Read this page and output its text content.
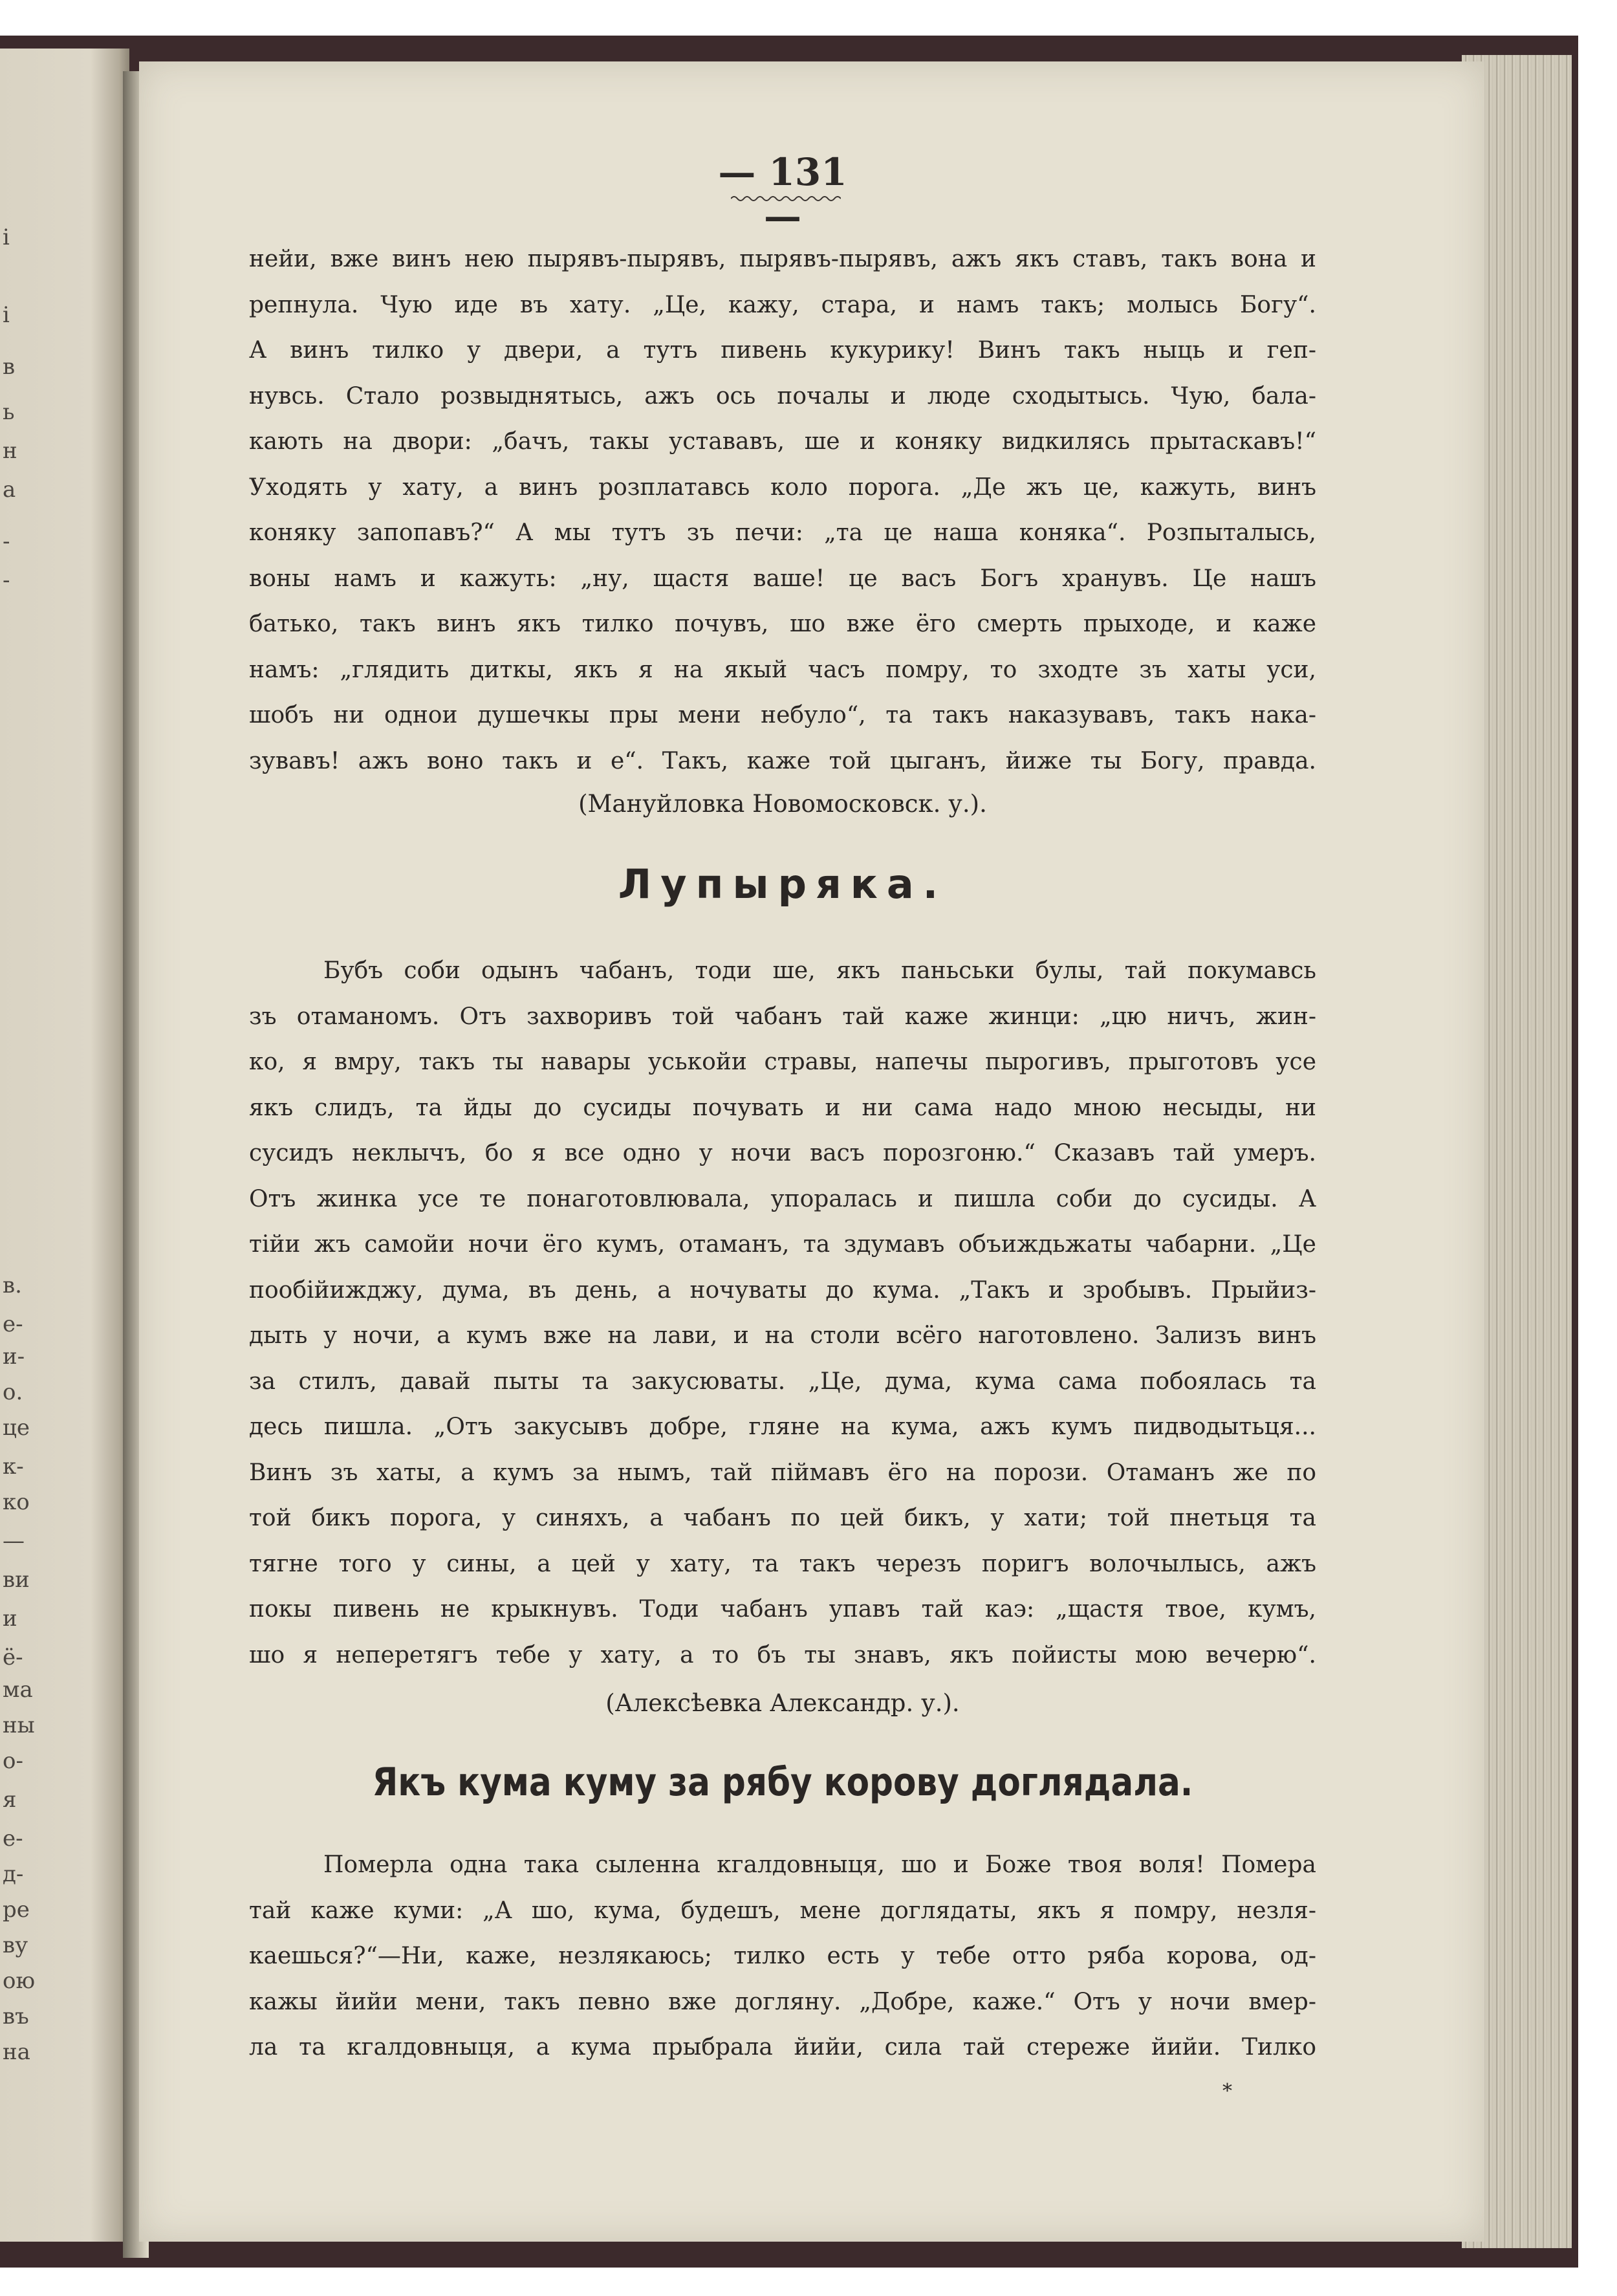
і
і
в
ь
н
а
-
-
в.
е-
и-
о.
це
к-
ко
—
ви
и
ё-
ма
ны
о-
я
е-
д-
ре
ву
ою
въ
на
— 131 —
нейи, вже винъ нею пырявъ-пырявъ, пырявъ-пырявъ, ажъ якъ ставъ, такъ вона и
репнула. Чую иде въ хату. „Це, кажу, стара, и намъ такъ; молысь Богу“.
А винъ тилко у двери, а тутъ пивень кукурику! Винъ такъ ныць и геп-
нувсь. Стало розвыднятысь, ажъ ось почалы и люде сходытысь. Чую, бала-
кають на двори: „бачъ, такы устававъ, ше и коняку видкилясь прытаскавъ!“
Уходять у хату, а винъ розплатавсь коло порога. „Де жъ це, кажуть, винъ
коняку запопавъ?“ А мы тутъ зъ печи: „та це наша коняка“. Розпыталысь,
воны намъ и кажуть: „ну, щастя ваше! це васъ Богъ хранувъ. Це нашъ
батько, такъ винъ якъ тилко почувъ, шо вже ёго смерть прыходе, и каже
намъ: „глядить диткы, якъ я на якый часъ помру, то зходте зъ хаты уси,
шобъ ни однои душечкы пры мени небуло“, та такъ наказувавъ, такъ нака-
зувавъ! ажъ воно такъ и е“. Такъ, каже той цыганъ, йиже ты Богу, правда.
(Мануйловка Новомосковск. у.).
Лупыряка.
Бубъ соби одынъ чабанъ, тоди ше, якъ паньськи булы, тай покумавсь
зъ отаманомъ. Отъ захворивъ той чабанъ тай каже жинци: „цю ничъ, жин-
ко, я вмру, такъ ты навары уськойи стравы, напечы пырогивъ, прыготовъ усе
якъ слидъ, та йды до сусиды почувать и ни сама надо мною несыды, ни
сусидъ неклычъ, бо я все одно у ночи васъ порозгоню.“ Сказавъ тай умеръ.
Отъ жинка усе те понаготовлювала, упоралась и пишла соби до сусиды. А
тійи жъ самойи ночи ёго кумъ, отаманъ, та здумавъ объиждьжаты чабарни. „Це
пообійижджу, дума, въ день, а ночуваты до кума. „Такъ и зробывъ. Прыйиз-
дыть у ночи, а кумъ вже на лави, и на столи всёго наготовлено. Зализъ винъ
за стилъ, давай пыты та закусюваты. „Це, дума, кума сама побоялась та
десь пишла. „Отъ закусывъ добре, гляне на кума, ажъ кумъ пидводытьця...
Винъ зъ хаты, а кумъ за нымъ, тай піймавъ ёго на порози. Отаманъ же по
той бикъ порога, у синяхъ, а чабанъ по цей бикъ, у хати; той пнетьця та
тягне того у сины, а цей у хату, та такъ черезъ поригъ волочылысь, ажъ
покы пивень не крыкнувъ. Тоди чабанъ упавъ тай каэ: „щастя твое, кумъ,
шо я неперетягъ тебе у хату, а то бъ ты знавъ, якъ пойисты мою вечерю“.
(Алексѣевка Александр. у.).
Якъ кума куму за рябу корову доглядала.
Померла одна така сыленна кгалдовныця, шо и Боже твоя воля! Помера
тай каже куми: „А шо, кума, будешъ, мене доглядаты, якъ я помру, незля-
каешься?“—Ни, каже, незлякаюсь; тилко есть у тебе отто ряба корова, од-
кажы йийи мени, такъ певно вже догляну. „Добре, каже.“ Отъ у ночи вмер-
ла та кгалдовныця, а кума прыбрала йийи, сила тай стереже йийи. Тилко
*
